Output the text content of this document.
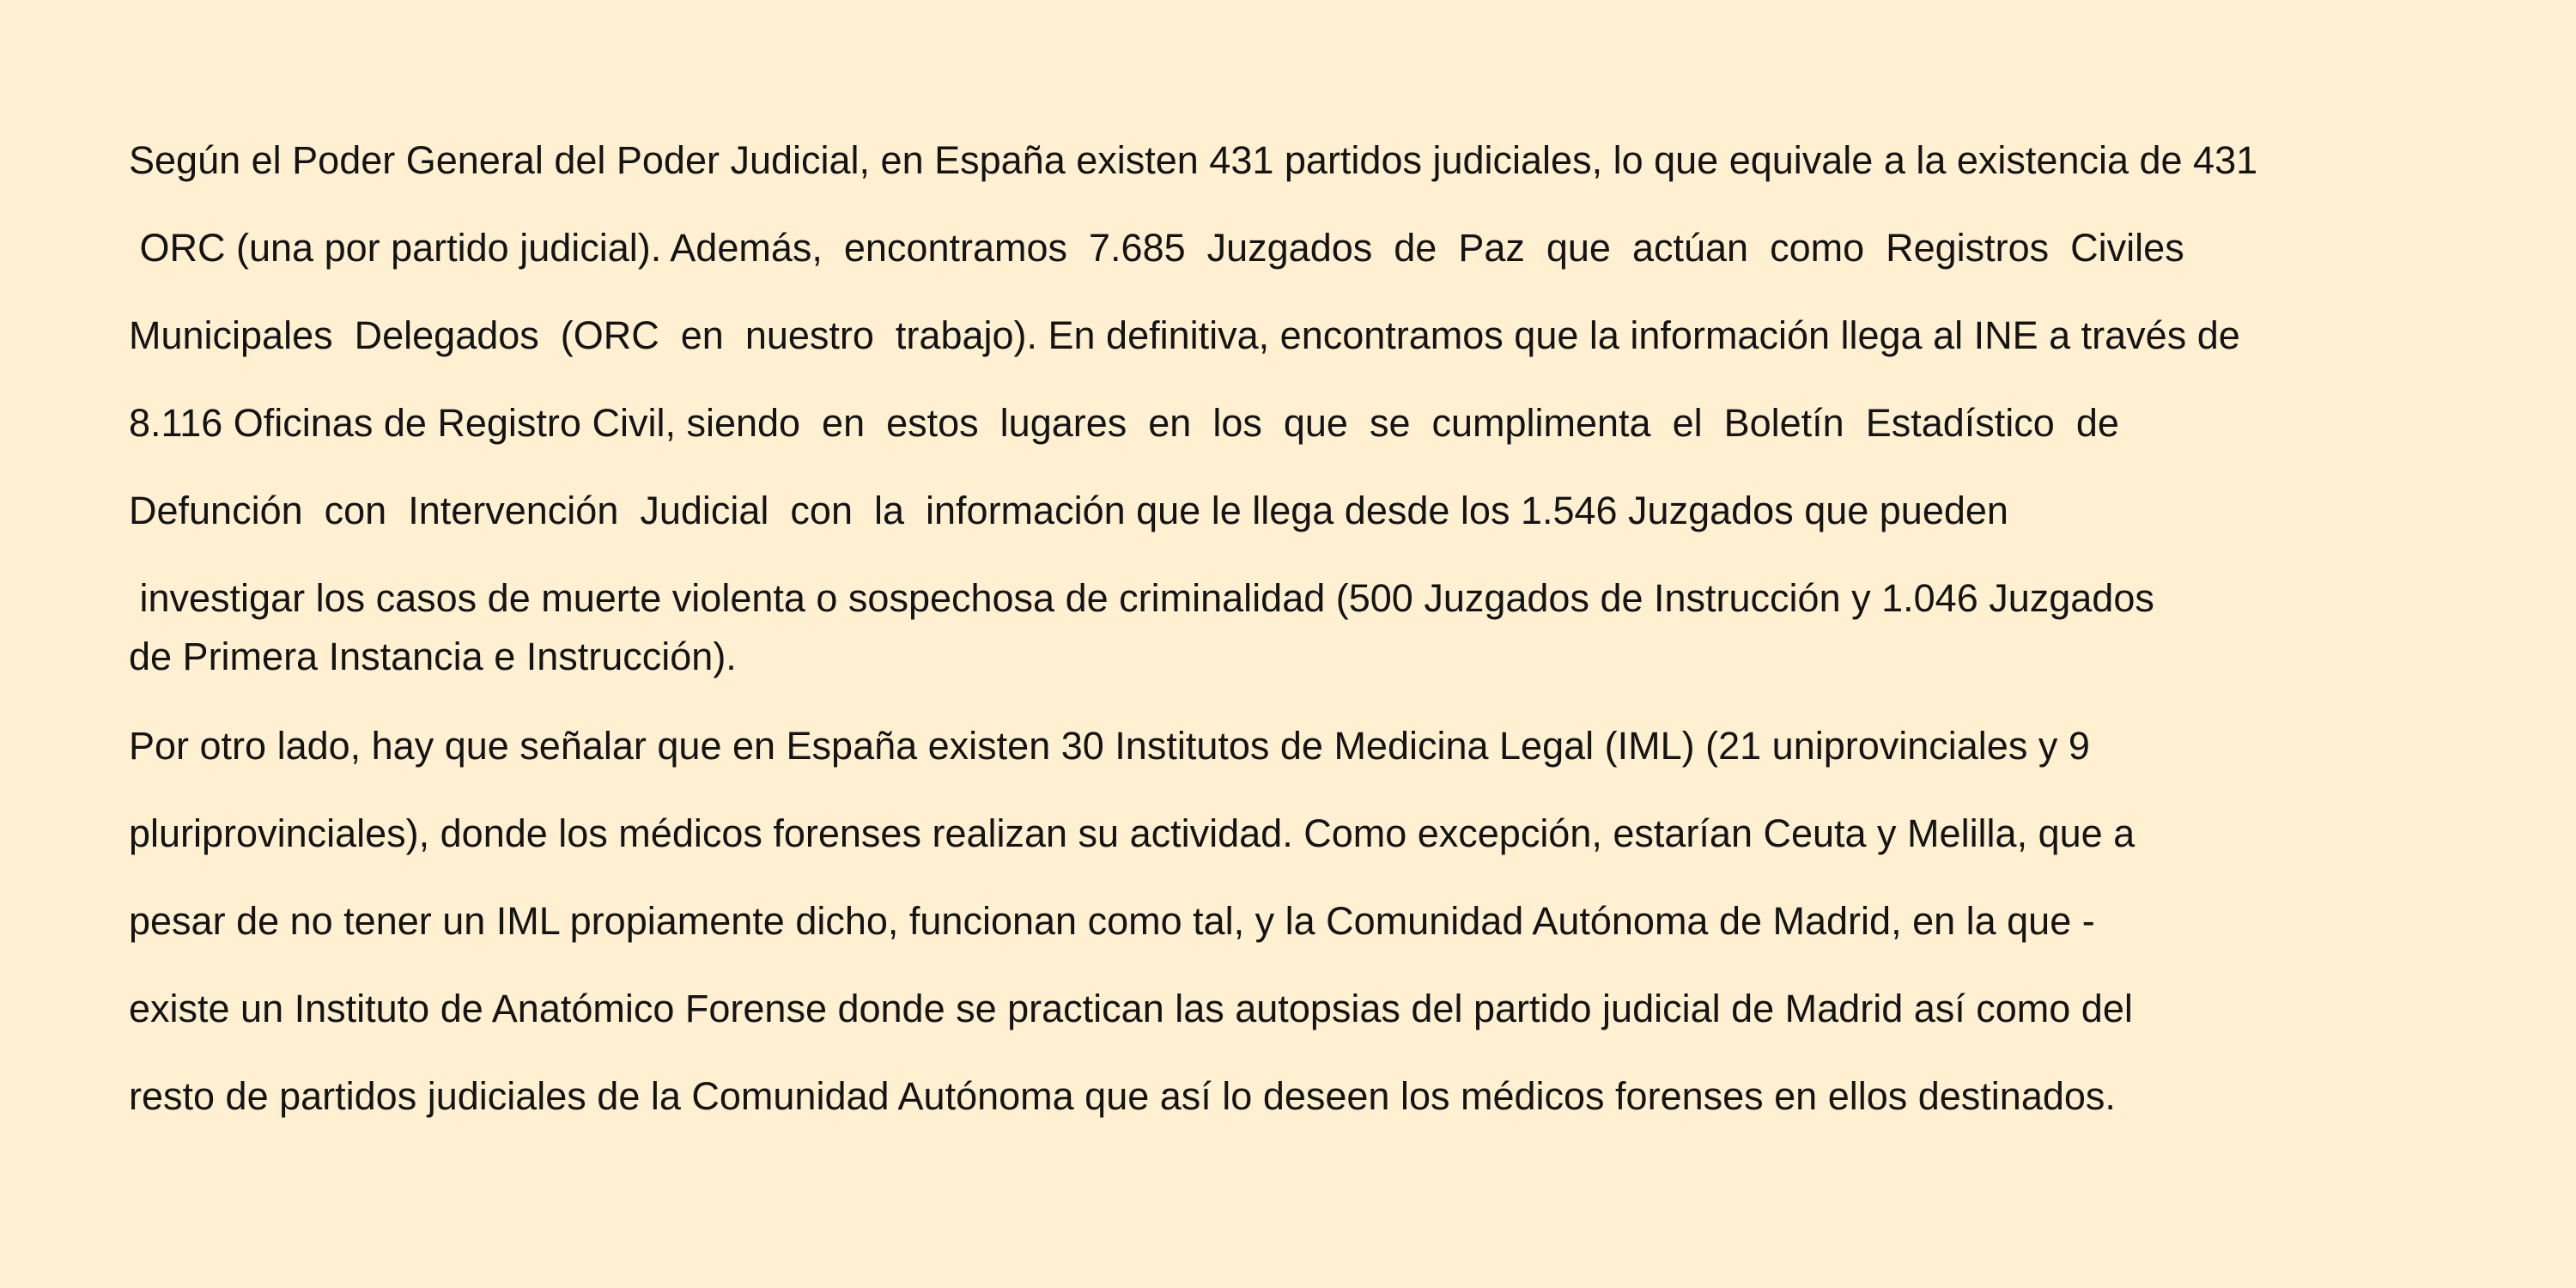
Según el Poder General del Poder Judicial, en España existen 431 partidos judiciales, lo que equivale a la existencia de 431
ORC (una por partido judicial). Además,  encontramos  7.685  Juzgados  de  Paz  que  actúan  como  Registros  Civiles
Municipales  Delegados  (ORC  en  nuestro  trabajo). En definitiva, encontramos que la información llega al INE a través de
8.116 Oficinas de Registro Civil, siendo  en  estos  lugares  en  los  que  se  cumplimenta  el  Boletín  Estadístico  de
Defunción  con  Intervención  Judicial  con  la  información que le llega desde los 1.546 Juzgados que pueden
investigar los casos de muerte violenta o sospechosa de criminalidad (500 Juzgados de Instrucción y 1.046 Juzgados
de Primera Instancia e Instrucción).
Por otro lado, hay que señalar que en España existen 30 Institutos de Medicina Legal (IML) (21 uniprovinciales y 9
pluriprovinciales), donde los médicos forenses realizan su actividad. Como excepción, estarían Ceuta y Melilla, que a
pesar de no tener un IML propiamente dicho, funcionan como tal, y la Comunidad Autónoma de Madrid, en la que -
existe un Instituto de Anatómico Forense donde se practican las autopsias del partido judicial de Madrid así como del
resto de partidos judiciales de la Comunidad Autónoma que así lo deseen los médicos forenses en ellos destinados.
